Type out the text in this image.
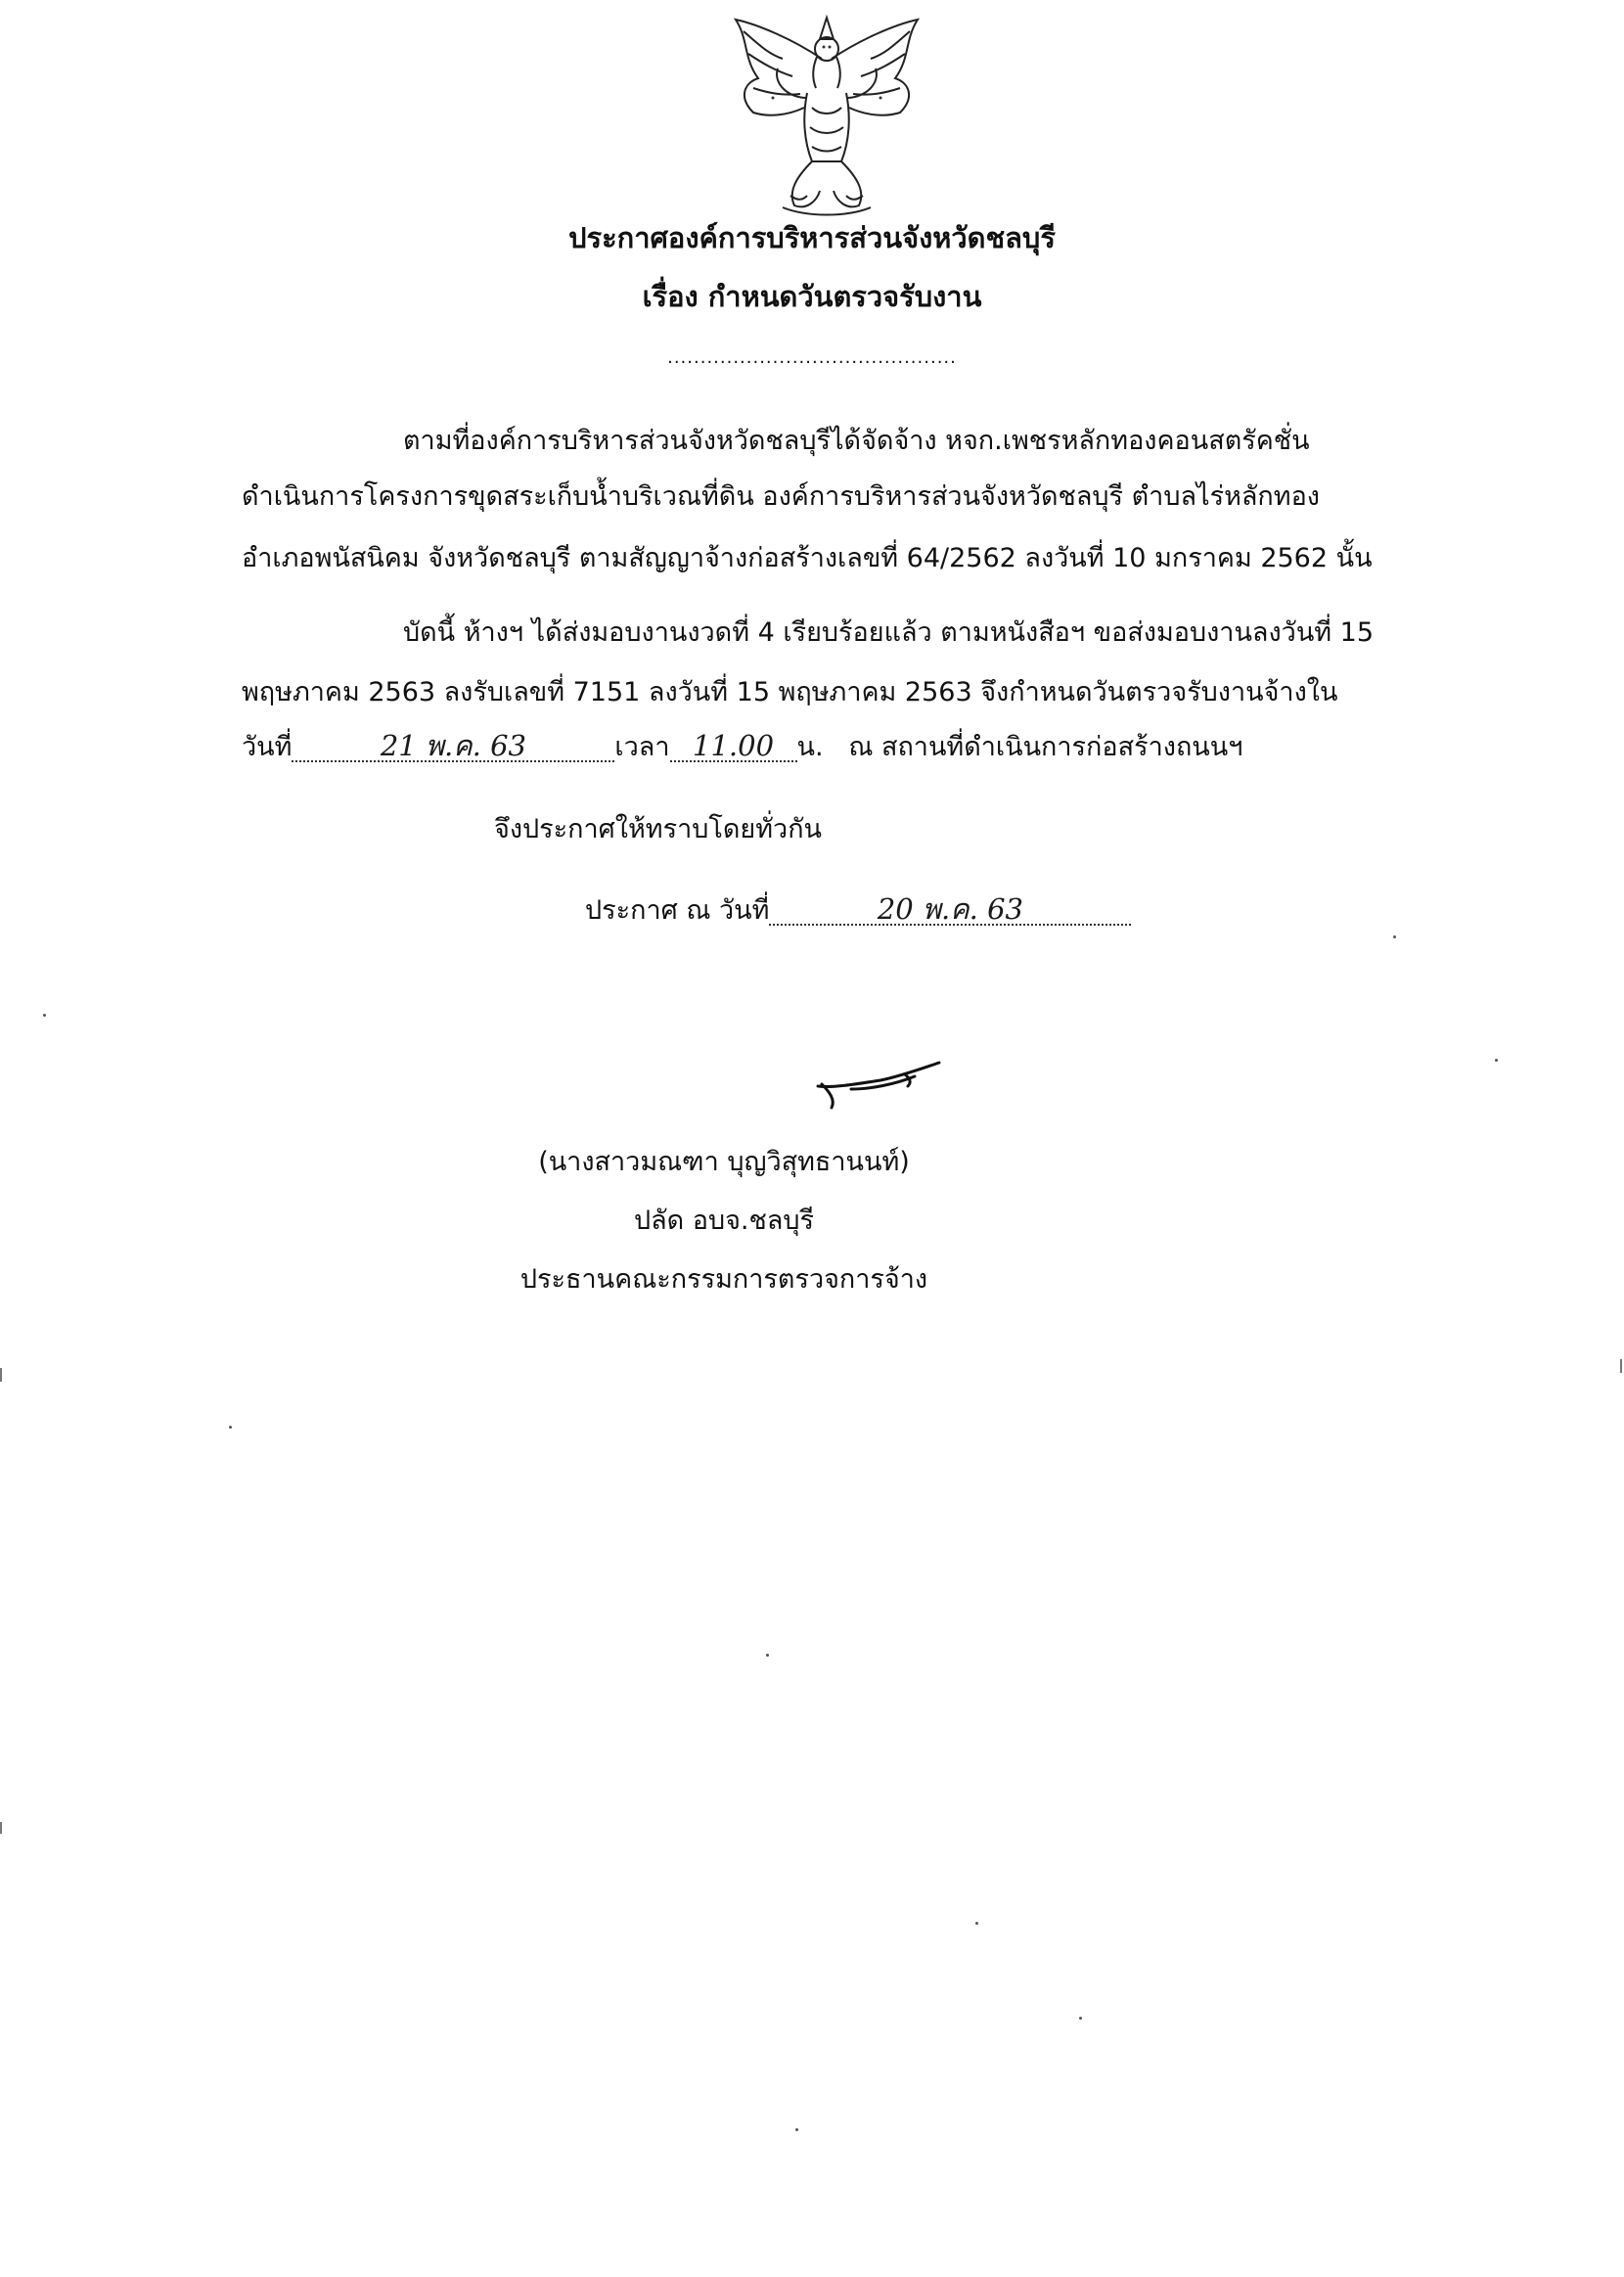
ประกาศองค์การบริหารส่วนจังหวัดชลบุรี
เรื่อง กำหนดวันตรวจรับงาน
............................................
ตามที่องค์การบริหารส่วนจังหวัดชลบุรีได้จัดจ้าง หจก.เพชรหลักทองคอนสตรัคชั่น
ดำเนินการโครงการขุดสระเก็บน้ำบริเวณที่ดิน องค์การบริหารส่วนจังหวัดชลบุรี ตำบลไร่หลักทอง
อำเภอพนัสนิคม จังหวัดชลบุรี ตามสัญญาจ้างก่อสร้างเลขที่ 64/2562 ลงวันที่ 10 มกราคม 2562 นั้น
บัดนี้ ห้างฯ ได้ส่งมอบงานงวดที่ 4 เรียบร้อยแล้ว ตามหนังสือฯ ขอส่งมอบงานลงวันที่ 15
พฤษภาคม 2563 ลงรับเลขที่ 7151 ลงวันที่ 15 พฤษภาคม 2563 จึงกำหนดวันตรวจรับงานจ้างใน
วันที่	21 พ.ค. 63	เวลา 11.00 น. ณ สถานที่ดำเนินการก่อสร้างถนนฯ
จึงประกาศให้ทราบโดยทั่วกัน
ประกาศ ณ วันที่	20 พ.ค. 63
(นางสาวมณฑา บุญวิสุทธานนท์)
ปลัด อบจ.ชลบุรี
ประธานคณะกรรมการตรวจการจ้าง
